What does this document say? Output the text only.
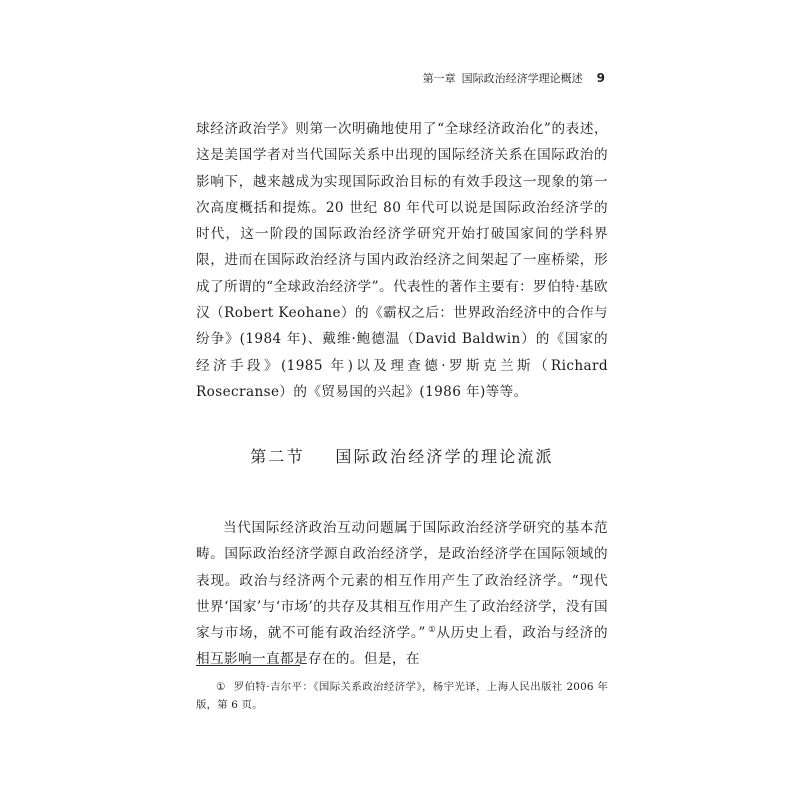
第一章 国际政治经济学理论概述 9

球经济政治学》则第一次明确地使用了“全球经济政治化”的表述，这是美国学者对当代国际关系中出现的国际经济关系在国际政治的影响下，越来越成为实现国际政治目标的有效手段这一现象的第一次高度概括和提炼。20 世纪 80 年代可以说是国际政治经济学的时代，这一阶段的国际政治经济学研究开始打破国家间的学科界限，进而在国际政治经济与国内政治经济之间架起了一座桥梁，形成了所谓的“全球政治经济学”。代表性的著作主要有：罗伯特·基欧汉（Robert Keohane）的《霸权之后：世界政治经济中的合作与纷争》(1984 年)、戴维·鲍德温（David Baldwin）的《国家的经济手段》(1985 年)以及理查德·罗斯克兰斯（Richard Rosecranse）的《贸易国的兴起》(1986 年)等等。

第二节 国际政治经济学的理论流派

当代国际经济政治互动问题属于国际政治经济学研究的基本范畴。国际政治经济学源自政治经济学，是政治经济学在国际领域的表现。政治与经济两个元素的相互作用产生了政治经济学。“现代世界‘国家’与‘市场’的共存及其相互作用产生了政治经济学，没有国家与市场，就不可能有政治经济学。” ①从历史上看，政治与经济的相互影响一直都是存在的。但是，在

① 罗伯特·吉尔平：《国际关系政治经济学》，杨宇光译，上海人民出版社 2006 年版，第 6 页。
